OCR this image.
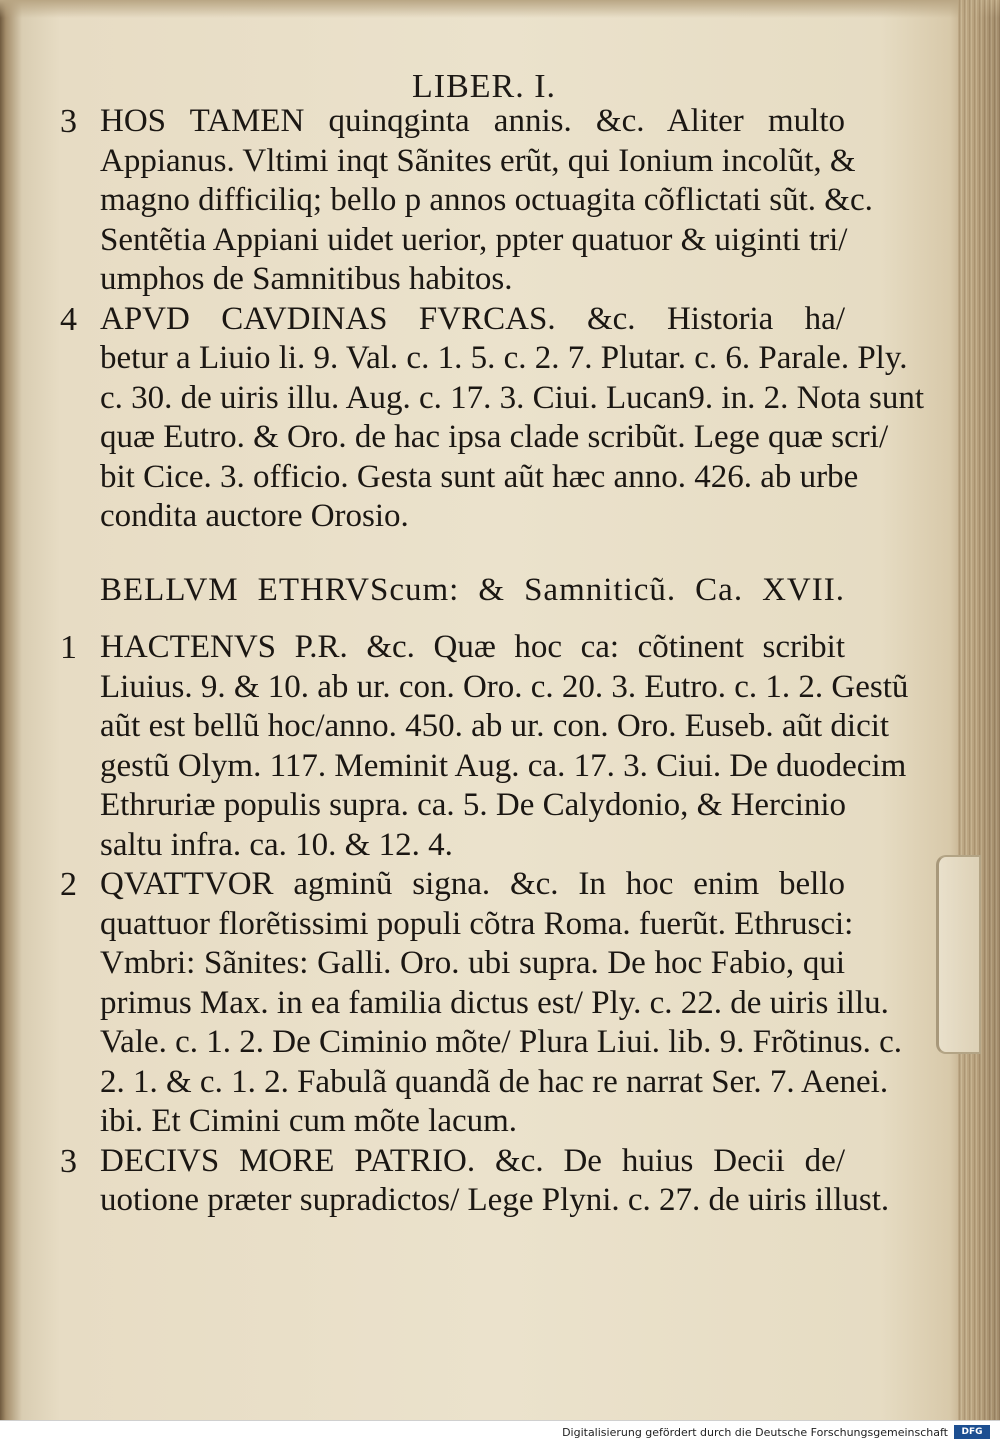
LIBER. I.
3 HOS TAMEN quinqginta annis. &c. Aliter multo
Appianus. Vltimi inqt Sãnites erũt, qui Ionium incolũt, &
magno difficiliq; bello p annos octuagita cõflictati sũt. &c.
Sentẽtia Appiani uidet uerior, ppter quatuor & uiginti tri/
umphos de Samnitibus habitos.
4 APVD CAVDINAS FVRCAS. &c. Historia ha/
betur a Liuio li. 9. Val. c. 1. 5. c. 2. 7. Plutar. c. 6. Parale. Ply.
c. 30. de uiris illu. Aug. c. 17. 3. Ciui. Lucan9. in. 2. Nota sunt
quæ Eutro. & Oro. de hac ipsa clade scribũt. Lege quæ scri/
bit Cice. 3. officio. Gesta sunt aũt hæc anno. 426. ab urbe
condita auctore Orosio.
BELLVM ETHRVScum: & Samniticũ. Ca. XVII.
1 HACTENVS P.R. &c. Quæ hoc ca: cõtinent scribit
Liuius. 9. & 10. ab ur. con. Oro. c. 20. 3. Eutro. c. 1. 2. Gestũ
aũt est bellũ hoc/anno. 450. ab ur. con. Oro. Euseb. aũt dicit
gestũ Olym. 117. Meminit Aug. ca. 17. 3. Ciui. De duodecim
Ethruriæ populis supra. ca. 5. De Calydonio, & Hercinio
saltu infra. ca. 10. & 12. 4.
2 QVATTVOR agminũ signa. &c. In hoc enim bello
quattuor florẽtissimi populi cõtra Roma. fuerũt. Ethrusci:
Vmbri: Sãnites: Galli. Oro. ubi supra. De hoc Fabio, qui
primus Max. in ea familia dictus est/ Ply. c. 22. de uiris illu.
Vale. c. 1. 2. De Ciminio mõte/ Plura Liui. lib. 9. Frõtinus. c.
2. 1. & c. 1. 2. Fabulã quandã de hac re narrat Ser. 7. Aenei.
ibi. Et Cimini cum mõte lacum.
3 DECIVS MORE PATRIO. &c. De huius Decii de/
uotione præter supradictos/ Lege Plyni. c. 27. de uiris illust.
Digitalisierung gefördert durch die Deutsche Forschungsgemeinschaft	DFG
